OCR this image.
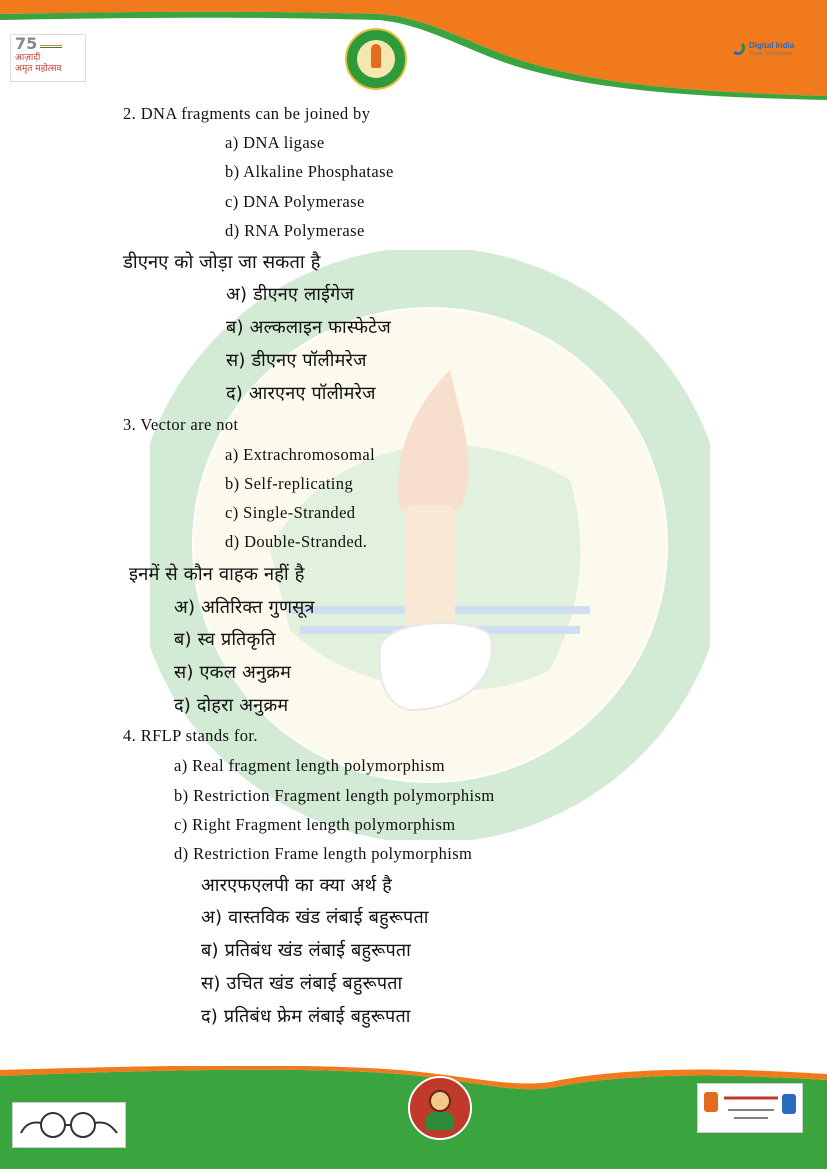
75
आज़ादी
अमृत महोत्सव
Digital India
Power To Empower
2. DNA fragments can be joined by
a) DNA ligase
b) Alkaline Phosphatase
c) DNA Polymerase
d) RNA Polymerase
डीएनए को जोड़ा जा सकता है
अ) डीएनए लाईगेज
ब) अल्कलाइन फास्फेटेज
स) डीएनए पॉलीमरेज
द) आरएनए पॉलीमरेज
3. Vector are not
a) Extrachromosomal
b) Self-replicating
c) Single-Stranded
d) Double-Stranded.
इनमें से कौन वाहक नहीं है
अ) अतिरिक्त गुणसूत्र
ब) स्व प्रतिकृति
स) एकल अनुक्रम
द) दोहरा अनुक्रम
4. RFLP stands for.
a) Real fragment length polymorphism
b) Restriction Fragment length polymorphism
c) Right Fragment length polymorphism
d) Restriction Frame length polymorphism
आरएफएलपी का क्या अर्थ है
अ) वास्तविक खंड लंबाई बहुरूपता
ब) प्रतिबंध खंड लंबाई बहुरूपता
स) उचित खंड लंबाई बहुरूपता
द) प्रतिबंध फ्रेम लंबाई बहुरूपता
